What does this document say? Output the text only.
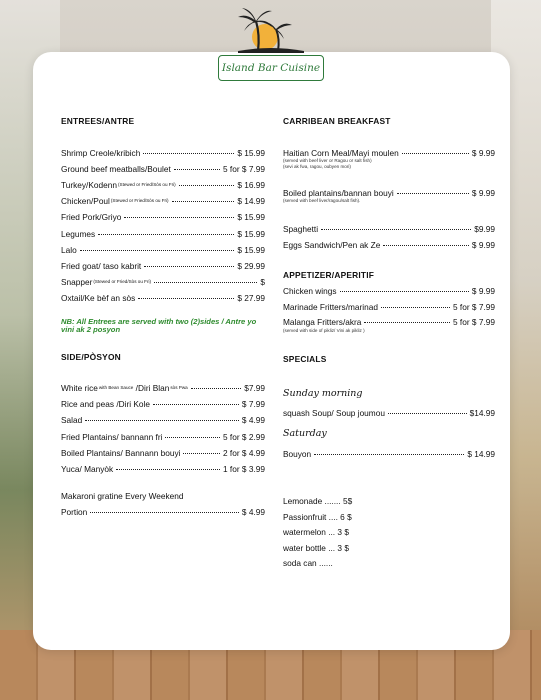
ENTREES/ANTRE
Shrimp Creole/kribich	$ 15.99
Ground beef meatballs/Boulet	5 for $ 7.99
Turkey/Kodenn$^{(Stewed or Fried/Sòs ou Fri)}$	$ 16.99
Chicken/Poul$^{(Stewed or Fried/Sòs ou Fri)}$	$ 14.99
Fried Pork/Griyo	$ 15.99
Legumes	$ 15.99
Lalo	$ 15.99
Fried goat/ taso kabrit	$ 29.99
Snapper$^{(Stewed or Fried/Sòs ou Fri)}$	$
Oxtail/Ke bèf an sòs	$ 27.99
NB: All Entrees are served with two (2)sides / Antre yo vini ak 2 posyon
SIDE/PÒSYON
White rice$^{with Bean Sauce}$ /Diri Blan$^{sòs Pwa}$	$7.99
Rice and peas /Diri Kole	$ 7.99
Salad	$ 4.99
Fried Plantains/ bannann fri	5 for $ 2.99
Boiled Plantains/ Bannann bouyi	2 for $ 4.99
Yuca/ Manyòk	1 for $ 3.99
Makaroni gratine Every Weekend
Portion	$ 4.99
CARRIBEAN BREAKFAST
Haitian Corn Meal/Mayi moulen	$ 9.99
(served with beef liver or Ragou or salt fish)
(sevi ak fwa, ragou, oubyen mori)
Boiled plantains/bannan bouyi	$ 9.99
(served with beef liver/ragou/salt fish).
Spaghetti	$9.99
Eggs Sandwich/Pen ak Ze	$ 9.99
APPETIZER/APERITIF
Chicken wings	$ 9.99
Marinade Fritters/marinad	5 for $ 7.99
Malanga Fritters/akra	5 for $ 7.99
(served with side of pikliz/ Vini ak pikliz )
SPECIALS
Sunday morning
squash Soup/ Soup joumou	$14.99
Saturday
Bouyon	$ 14.99
Lemonade ....... 5$
Passionfruit .... 6 $
watermelon ... 3 $
water bottle ... 3 $
soda can ......
Island Bar Cuisine
